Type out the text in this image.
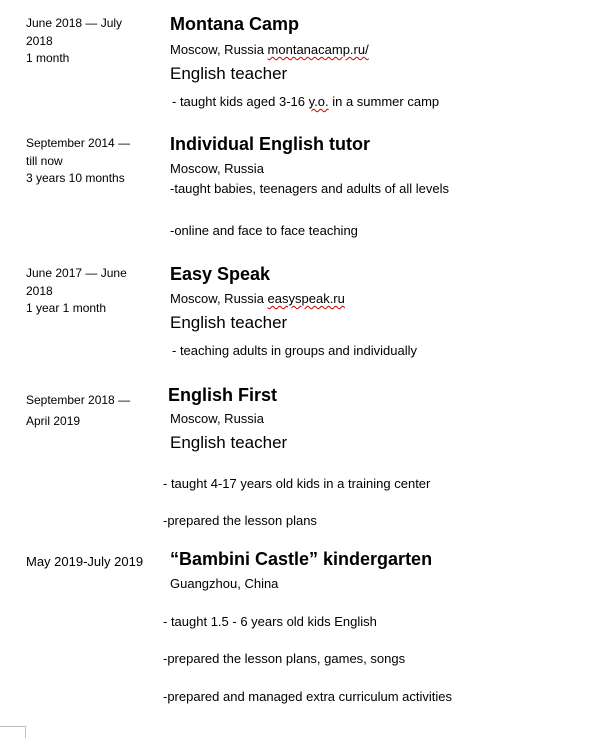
June 2018 — July
2018
1 month
Montana Camp
Moscow, Russia montanacamp.ru/
English teacher
- taught kids aged 3-16 y.o. in a summer camp
September 2014 —
till now
3 years 10 months
Individual English tutor
Moscow, Russia
-taught babies, teenagers and adults of all levels
-online and face to face teaching
June 2017 — June
2018
1 year 1 month
Easy Speak
Moscow, Russia easyspeak.ru
English teacher
- teaching adults in groups and individually
September 2018 —
April 2019
English First
Moscow, Russia
English teacher
- taught 4-17 years old kids in a training center
-prepared the lesson plans
May 2019-July 2019 “Bambini Castle” kindergarten
Guangzhou, China
- taught 1.5 - 6 years old kids English
-prepared the lesson plans, games, songs
-prepared and managed extra curriculum activities
